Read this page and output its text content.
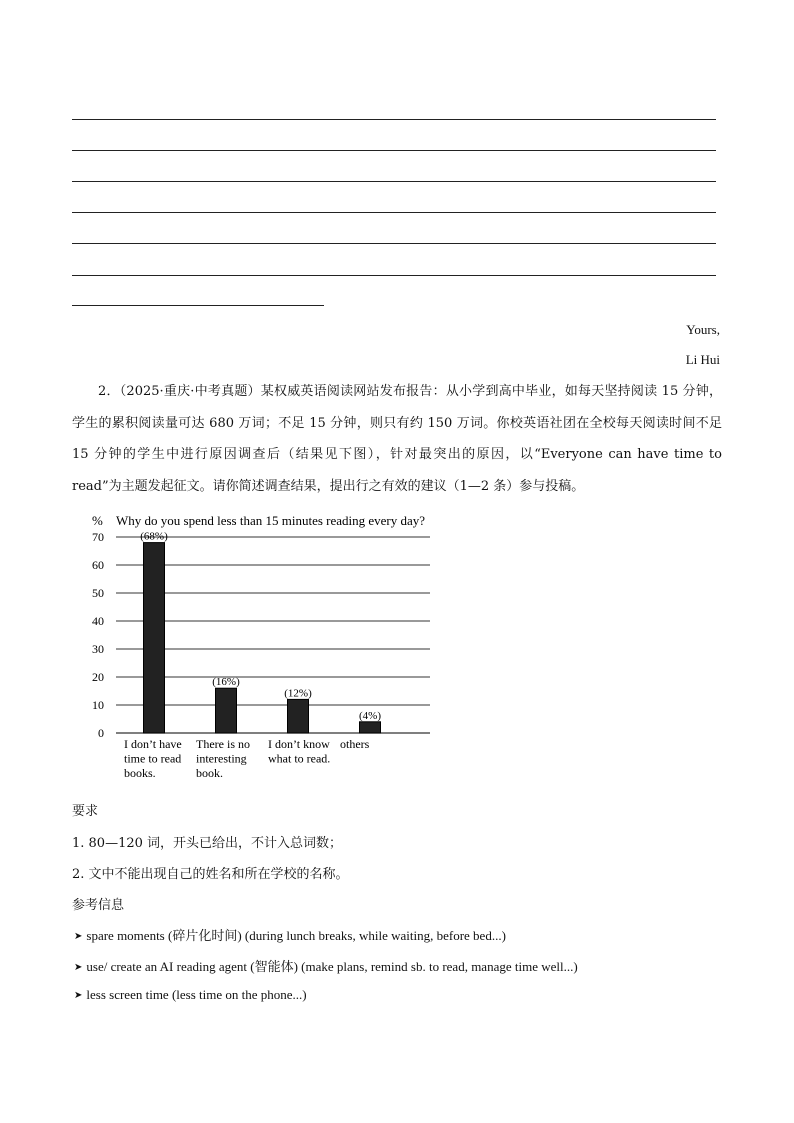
Yours,
Li Hui
2．（2025·重庆·中考真题）某权威英语阅读网站发布报告：从小学到高中毕业，如每天坚持阅读 15 分钟，学生的累积阅读量可达 680 万词；不足 15 分钟，则只有约 150 万词。你校英语社团在全校每天阅读时间不足 15 分钟的学生中进行原因调查后（结果见下图），针对最突出的原因，以“Everyone can have time to read”为主题发起征文。请你简述调查结果，提出行之有效的建议（1—2 条）参与投稿。
% Why do you spend less than 15 minutes reading every day?
0
10
20
30
40
50
60
70	(68%)
(16%)
(12%)
(4%)
I don’t have time to read books.
There is no interesting book.
I don’t know what to read.
others
要求
1. 80—120 词，开头已给出，不计入总词数；
2. 文中不能出现自己的姓名和所在学校的名称。
参考信息
➤ spare moments (碎片化时间) (during lunch breaks, while waiting, before bed...)
➤ use/ create an AI reading agent (智能体) (make plans, remind sb. to read, manage time well...)
➤ less screen time (less time on the phone...)
